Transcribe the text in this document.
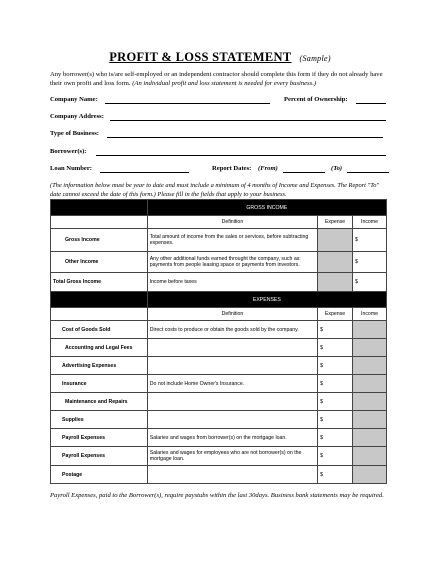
PROFIT & LOSS STATEMENT (Sample)
Any borrower(s) who is/are self-employed or an independent contractor should complete this form if they do not already have their own profit and loss form. (An individual profit and loss statement is needed for every business.)
Company Name:	Percent of Ownership:
Company Address:
Type of Business:
Borrower(s):
Loan Number:	Report Dates: (From)	(To)
(The information below must be year to date and must include a minimum of 4 months of Income and Expenses. The Report "To" date cannot exceed the date of this form.) Please fill in the fields that apply to your business.
	GROSS INCOME		
	Definition	Expense	Income
Gross Income	Total amount of income from the sales or services, before subtracting expenses.		$
Other Income	Any other additional funds earned throught the company, such as: payments from people leasing space or payments from investors.		$
Total Gross Income	Income before taxes		$
	EXPENSES		
	Definition	Expense	Income
Cost of Goods Sold	Direct costs to produce or obtain the goods sold by the company.	$	
Accounting and Legal Fees		$	
Advertising Expenses		$	
Insurance	Do not include Home Owner's Insurance.	$	
Maintenance and Repairs		$	
Supplies		$	
Payroll Expenses	Salaries and wages from borrower(s) on the mortgage loan.	$	
Payroll Expenses	Salaries and wages for employees who are not borrower(s) on the mortgage loan.	$	
Postage		$	
Payroll Expenses, paid to the Borrower(s), require paystubs within the last 30days. Business bank statements may be required.
